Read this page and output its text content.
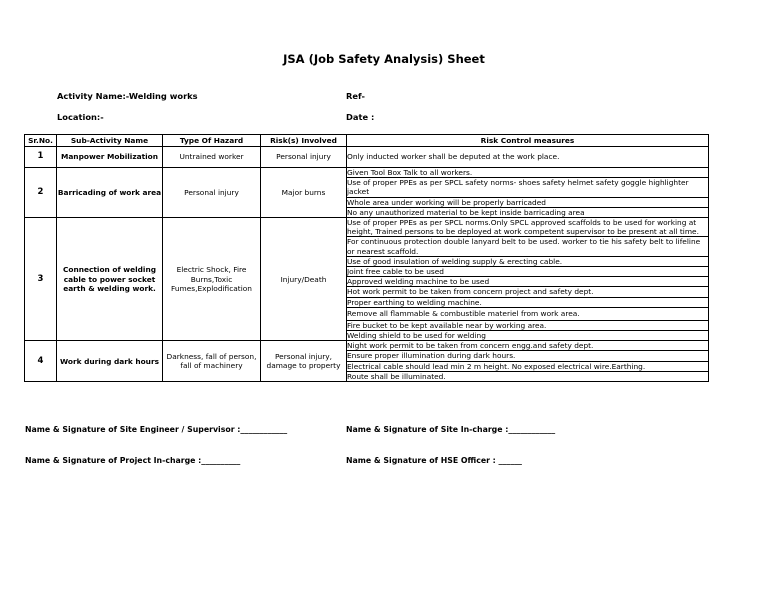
JSA (Job Safety Analysis) Sheet
Activity Name:-Welding works	Ref-
Location:-	Date :
Sr.No.	Sub-Activity Name	Type Of Hazard	Risk(s) Involved	Risk Control measures
1	Manpower Mobilization	Untrained worker	Personal injury	Only inducted worker shall be deputed at the work place.
2	Barricading of work area	Personal injury	Major burns	Given Tool Box Talk to all workers.
				Use of proper PPEs as per SPCL safety norms- shoes safety helmet safety goggle highlighter jacket
				Whole area under working will be properly barricaded
				No any unauthorized material to be kept inside barricading area
3	Connection of welding cable to power socket earth & welding work.	Electric Shock, Fire Burns,Toxic Fumes,Explodification	Injury/Death	Use of proper PPEs as per SPCL norms.Only SPCL approved scaffolds to be used for working at height, Trained persons to be deployed at work competent supervisor to be present at all time.
				For continuous protection double lanyard belt to be used. worker to tie his safety belt to lifeline or nearest scaffold.
				Use of good insulation of welding supply & erecting cable.
				Joint free cable to be used
				Approved welding machine to be used
				Hot work permit to be taken from concern project and safety dept.
				Proper earthing to welding machine.
				Remove all flammable & combustible materiel from work area.
				Fire bucket to be kept available near by working area.
				Welding shield to be used for welding
4	Work during dark hours	Darkness, fall of person, fall of machinery	Personal injury, damage to property	Night work permit to be taken from concern engg.and safety dept.
				Ensure proper illumination during dark hours.
				Electrical cable should lead min 2 m height. No exposed electrical wire.Earthing.
				Route shall be illuminated.
Name & Signature of Site Engineer / Supervisor :____________	Name & Signature of Site In-charge :____________
Name & Signature of Project In-charge :__________	Name & Signature of HSE Officer : ______
